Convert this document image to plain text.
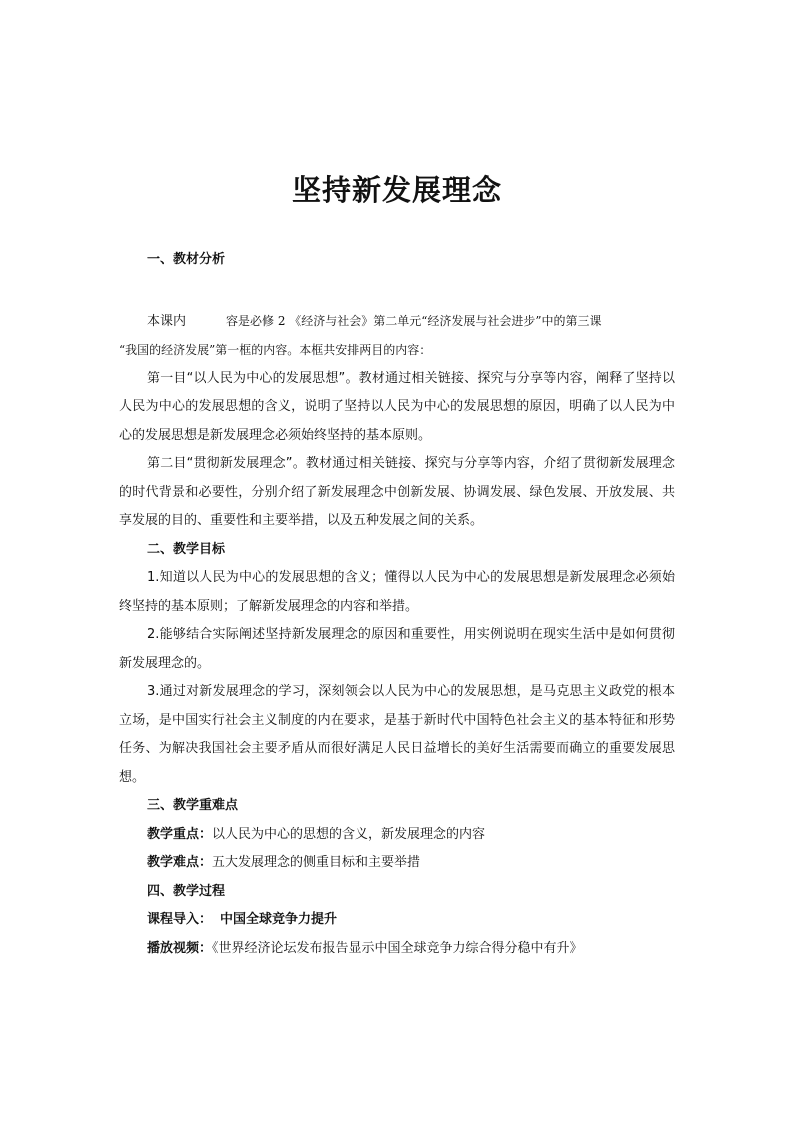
坚持新发展理念
一、教材分析
本课内	容是必修 2 《经济与社会》第二单元“经济发展与社会进步”中的第三课
“我国的经济发展”第一框的内容。本框共安排两目的内容：

第一目“以人民为中心的发展思想”。教材通过相关链接、探究与分享等内容，阐释了坚持以人民为中心的发展思想的含义，说明了坚持以人民为中心的发展思想的原因，明确了以人民为中心的发展思想是新发展理念必须始终坚持的基本原则。

第二目“贯彻新发展理念”。教材通过相关链接、探究与分享等内容，介绍了贯彻新发展理念的时代背景和必要性，分别介绍了新发展理念中创新发展、协调发展、绿色发展、开放发展、共享发展的目的、重要性和主要举措，以及五种发展之间的关系。

二、教学目标

1.知道以人民为中心的发展思想的含义；懂得以人民为中心的发展思想是新发展理念必须始终坚持的基本原则；了解新发展理念的内容和举措。

2.能够结合实际阐述坚持新发展理念的原因和重要性，用实例说明在现实生活中是如何贯彻新发展理念的。

3.通过对新发展理念的学习，深刻领会以人民为中心的发展思想，是马克思主义政党的根本立场，是中国实行社会主义制度的内在要求，是基于新时代中国特色社会主义的基本特征和形势任务、为解决我国社会主要矛盾从而很好满足人民日益增长的美好生活需要而确立的重要发展思想。

三、教学重难点
教学重点：以人民为中心的思想的含义，新发展理念的内容
教学难点：五大发展理念的侧重目标和主要举措
四、教学过程
课程导入： 中国全球竞争力提升
播放视频：《世界经济论坛发布报告显示中国全球竞争力综合得分稳中有升》
